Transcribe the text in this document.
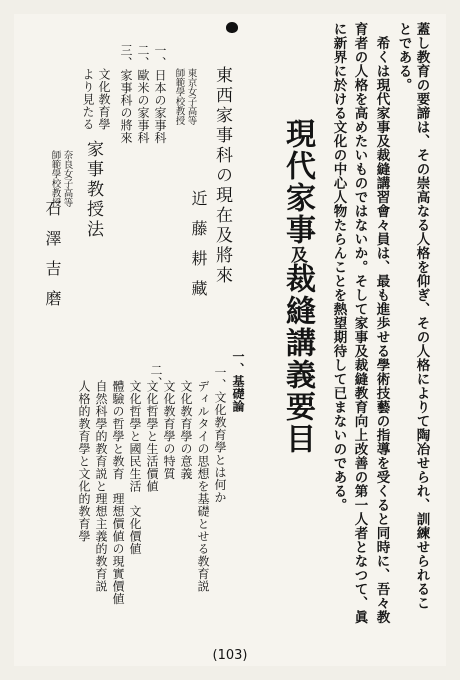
蓋し教育の要諦は、その崇高なる人格を仰ぎ、その人格によりて陶冶せられ、訓練せられるこ

とである。

希くは現代家事及裁縫講習會々員は、最も進歩せる學術技藝の指導を受くると同時に、吾々教

育者の人格を高めたいものではないか。そして家事及裁縫教育向上改善の第一人者となつて、眞

に新界に於ける文化の中心人物たらんことを熱望期待して已まないのである。

現代家事及裁縫講義要目

一、基礎論

一、文化教育學とは何か

ディルタイの思想を基礎とせる教育説

文化教育學の意義

文化教育學の特質

文化哲學と生活價値

文化哲學と國民生活　文化價値

體驗の哲學と教育　理想價値の現實價値

自然科學的教育説と理想主義的教育説

人格的教育學と文化的教育學

二、

東西家事科の現在及將來

東京女子高等

師範學校教授

近藤耕藏

一、日本の家事科

二、歐米の家事科

三、家事科の將來

文化教育學

より見たる

家事教授法

奈良女子高等

師範學校教授

石澤吉磨

(103)
